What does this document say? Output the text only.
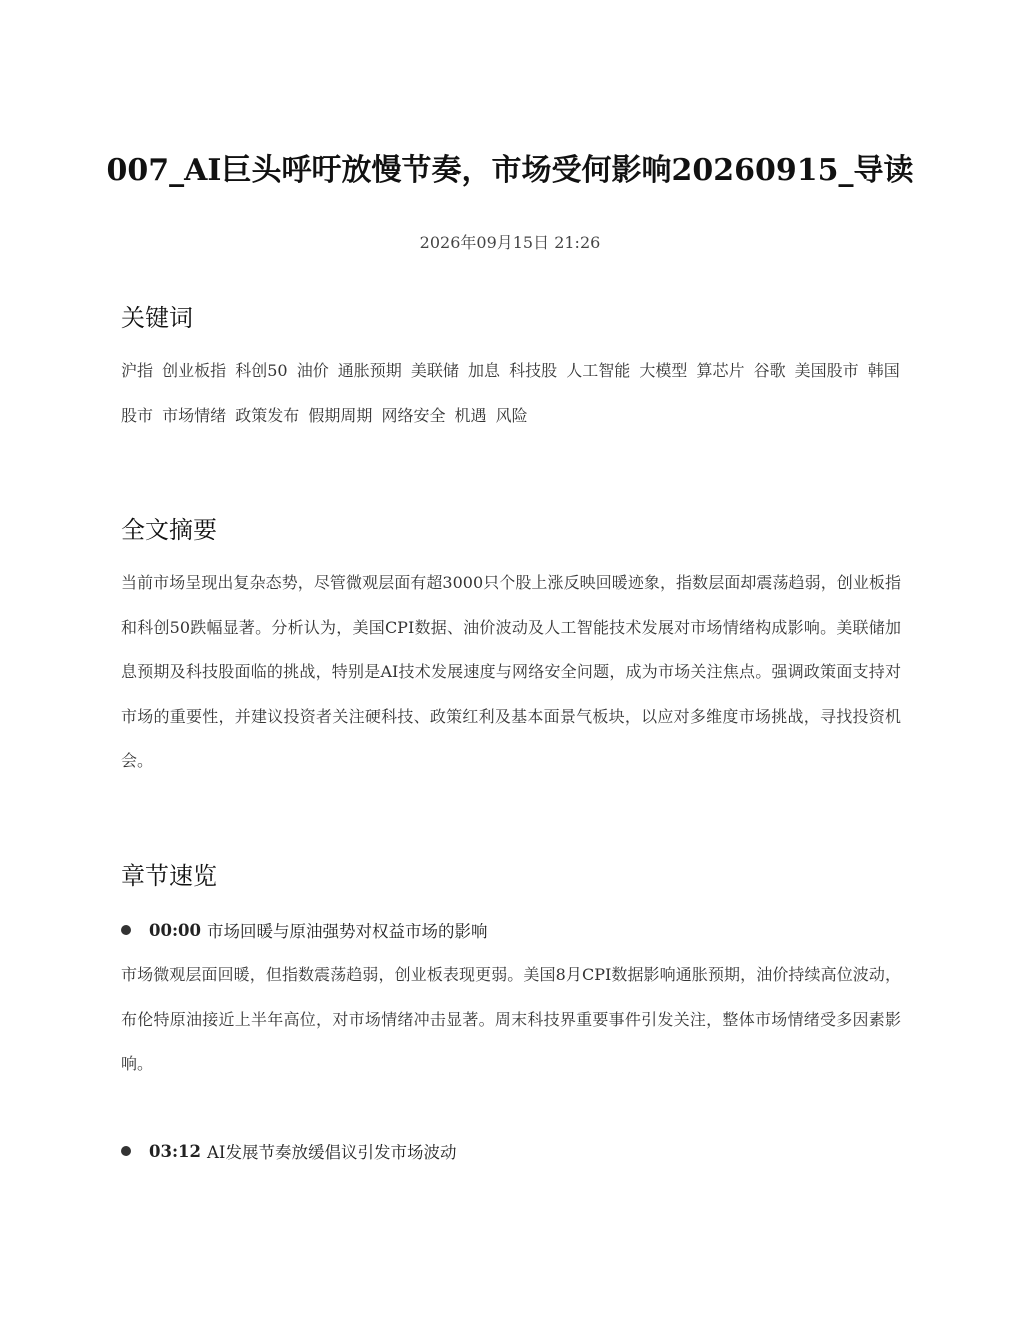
007_AI巨头呼吁放慢节奏，市场受何影响20260915_导读
2026年09月15日 21:26
关键词
沪指 创业板指 科创50 油价 通胀预期 美联储 加息 科技股 人工智能 大模型 算芯片 谷歌 美国股市 韩国股市 市场情绪 政策发布 假期周期 网络安全 机遇 风险
全文摘要

当前市场呈现出复杂态势，尽管微观层面有超3000只个股上涨反映回暖迹象，指数层面却震荡趋弱，创业板指和科创50跌幅显著。分析认为，美国CPI数据、油价波动及人工智能技术发展对市场情绪构成影响。美联储加息预期及科技股面临的挑战，特别是AI技术发展速度与网络安全问题，成为市场关注焦点。强调政策面支持对市场的重要性，并建议投资者关注硬科技、政策红利及基本面景气板块，以应对多维度市场挑战，寻找投资机会。

章节速览
00:00 市场回暖与原油强势对权益市场的影响

市场微观层面回暖，但指数震荡趋弱，创业板表现更弱。美国8月CPI数据影响通胀预期，油价持续高位波动，布伦特原油接近上半年高位，对市场情绪冲击显著。周末科技界重要事件引发关注，整体市场情绪受多因素影响。

03:12 AI发展节奏放缓倡议引发市场波动
